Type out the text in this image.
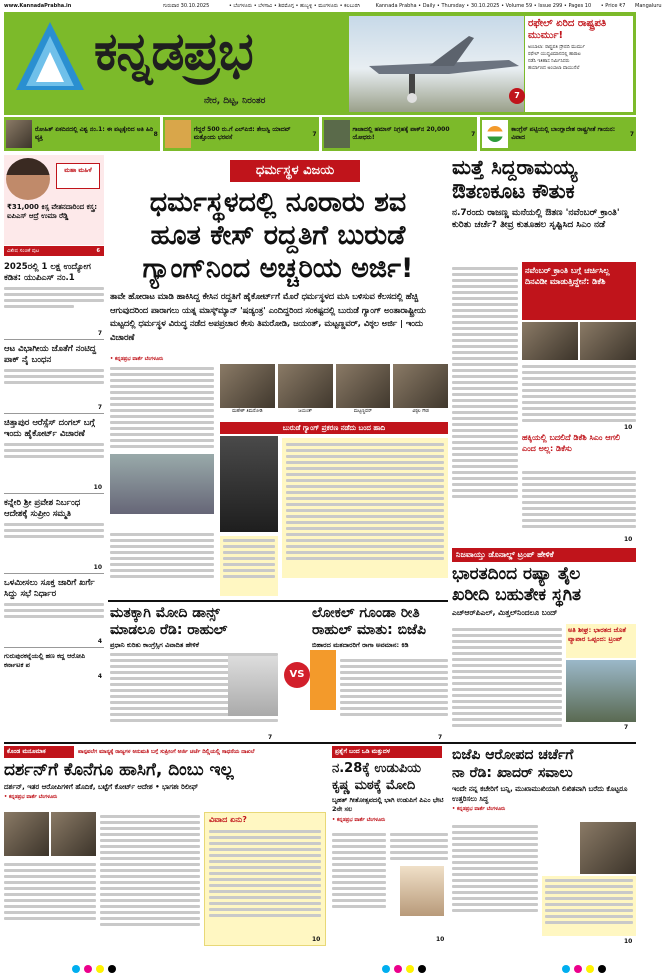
www.KannadaPrabha.in	ಗುರುವಾರ 30.10.2025	• ಬೆಂಗಳೂರು • ಬೆಳಗಾವಿ • ಶಿವಮೊಗ್ಗ • ಹುಬ್ಬಳ್ಳಿ • ಮಂಗಳೂರು • ಕಲಬುರಗಿ	Kannada Prabha • Daily • Thursday • 30.10.2025 • Volume 59 • Issue 299 • Pages 10 • Price ₹7 Mangaluru
ಕನ್ನಡಪ್ರಭ
ನೇರ, ದಿಟ್ಟ, ನಿರಂತರ
ರಫೇಲ್ ಏರಿದ ರಾಷ್ಟ್ರಪತಿ ಮುರ್ಮು!
ಅಂಬಾಲಾ: ರಾಷ್ಟ್ರಪತಿ ದ್ರೌಪದಿ ಮುರ್ಮು
ರಫೇಲ್ ಯುದ್ಧವಿಮಾನದಲ್ಲಿ ಹಾರಾಟ
ನಡೆಸಿ ಇತಿಹಾಸ ನಿರ್ಮಿಸಿದರು
ಹರ್ಯಾಣದ ಅಂಬಾಲಾ ವಾಯುನೆಲೆ
7
ರೋಹಿತ್ ಏಕದಿನದಲ್ಲಿ ವಿಶ್ವ ನಂ.1: ಈ ಪಟ್ಟಕ್ಕೇರಿದ ಅತಿ ಹಿರಿ ವ್ಯಕ್ತಿ	8
ಗೆದ್ದರೆ 500 ರು.ಗೆ ಎಲ್‌ಪಿಜಿ: ತೇಜಸ್ವಿ ಯಾದವ್ ಮತ್ತೊಂದು ಭರವಸೆ	7
ಗಾಜಾದಲ್ಲಿ ಹಮಾಸ್ ನಿಗ್ರಹಕ್ಕೆ ಪಾಕ್‌ನ 20,000 ಯೋಧರು!	7
ಕಾಂಗ್ರೆಸ್ ಪಟ್ಟಿಯಲ್ಲಿ ಬಾಂಗ್ಲಾದೇಶ ರಾಷ್ಟ್ರಗೀತೆ ಗಾಯನ: ವಿವಾದ	7
ಮಹಾ ಮಹಿಳೆ
₹31,000 ಕಿಸ್ಸ ವೇತನದಾರಿಂದ ಕಸ್ತ್ರ: ಐಪಿಎಸ್ ಆದ್ರೆ ಉಮಾ ರೆಡ್ಡಿ
ವಿಶೇಷ ಸಂಚಿಕೆ ಪುಟ	6
2025ರಲ್ಲಿ 1 ಲಕ್ಷ ಉದ್ಯೋಗ ಕಡಿತ: ಯುಪಿಎಸ್‌ ನಂ.1
7
ಆಟ ವಿಭಾಗೀಯ ಜೊತೆಗೆ ನಂಟಿದ್ದ ಪಾಕ್ ನೈ ಬಂಧನ
7
ಚಿತ್ತಾಪುರ ಆರೆಸ್ಸೆಸ್ ದಂಗಲ್ ಬಗ್ಗೆ ಇಂದು ಹೈಕೋರ್ಟ್ ವಿಚಾರಣೆ
10
ಕನ್ನೇರಿ ಶ್ರೀ ಪ್ರವೇಶ ನಿರ್ಬಂಧ ಆದೇಶಕ್ಕೆ ಸುಪ್ರೀಂ ಸಮ್ಮತಿ
10
ಒಳಮೀಸಲು ಸೂಕ್ತ ಜಾರಿಗೆ ಖರ್ಗೆ ಸಿದ್ದು ಸಭೆ ನಿರ್ಧಾರ
4
ಗುರುಪುರಕನ್ನೆಯಲ್ಲಿ ಹಣ ಕದ್ದ ಆರೋಪಿ ಕರ್ನಾಟಕ ಪ
4
ಧರ್ಮಸ್ಥಳ ವಿಜಯ
ಧರ್ಮಸ್ಥಳದಲ್ಲಿ ನೂರಾರು ಶವ
ಹೂತ ಕೇಸ್ ರದ್ದತಿಗೆ ಬುರುಡೆ
ಗ್ಯಾಂಗ್‌ನಿಂದ ಅಚ್ಚರಿಯ ಅರ್ಜಿ!
ತಾವೇ ಹೋರಾಟ ಮಾಡಿ ಹಾಕಿಸಿದ್ದ ಕೇಸಿನ ರದ್ದತಿಗೆ ಹೈಕೋರ್ಟ್‌ಗೆ ಮೊರೆ ಧರ್ಮಸ್ಥಳದ ಮಸಿ ಬಳಿಸುವ ಕೆಲಸದಲ್ಲಿ ಹೆಚ್ಚಿ ಆಗುವುದರಿಂದ ಪಾರಾಗಲು ಯತ್ನ ಮಾಸ್ಕ್‌ಮ್ಯಾನ್ 'ಷಡ್ಯಂತ್ರ' ಎಂದಿದ್ದರಿಂದ ಸಂಕಷ್ಟದಲ್ಲಿ ಬುರುಡೆ ಗ್ಯಾಂಗ್ ಅಂತಾರಾಷ್ಟ್ರೀಯ ಮಟ್ಟದಲ್ಲಿ ಧರ್ಮಸ್ಥಳ ವಿರುದ್ಧ ನಡೆದ ಅಪಪ್ರಚಾರ ಕೇಸು ತಿಮರೋಡಿ, ಜಯಂತ್, ಮಟ್ಟಣ್ಣವರ್, ವಿಠ್ಠಲ ಅರ್ಜಿ | ಇಂದು ವಿಚಾರಣೆ
• ಕನ್ನಡಪ್ರಭ ವಾರ್ತೆ ಬೆಂಗಳೂರು
ಮಹೇಶ್ ತಿಮರೋಡಿ	ಜಯಂತ್	ಮಟ್ಟಣ್ಣವರ್	ವಿಠ್ಠಲ ಗೌಡ
ಬುರುಡೆ ಗ್ಯಾಂಗ್ ಪ್ರಕರಣ ನಡೆದು ಬಂದ ಹಾದಿ
ಮತಕ್ಕಾಗಿ ಮೋದಿ ಡಾನ್ಸ್
ಮಾಡಲೂ ರೆಡಿ: ರಾಹುಲ್
ಪ್ರಧಾನಿ ಕುರಿತು ಕಾಂಗ್ರೆಸ್ಸಿಗ ವಿವಾದಿತ ಹೇಳಿಕೆ
VS
7
ಲೋಕಲ್ ಗೂಂಡಾ ರೀತಿ
ರಾಹುಲ್ ಮಾತು: ಬಿಜೆಪಿ
ಬಿಹಾರದ ಮತದಾರರಿಗೆ ರಾಗಾ ಅವಮಾನ: ಕಿಡಿ
7
ಮತ್ತೆ ಸಿದ್ದರಾಮಯ್ಯ
ಔತಣಕೂಟ ಕೌತುಕ
ನ.7ರಂದು ರಾಜಣ್ಣ ಮನೆಯಲ್ಲಿ ಔತಣ 'ನವೆಂಬರ್ ಕ್ರಾಂತಿ' ಕುರಿತು ಚರ್ಚೆ? ತೀವ್ರ ಕುತೂಹಲ ಸೃಷ್ಟಿಸಿದ ಸಿಎಂ ನಡೆ
ನವೆಂಬರ್ ಕ್ರಾಂತಿ ಬಗ್ಗೆ ಚರ್ಚಿಸಿಲ್ಲ ದಿನವಿಡೀ ಮಾಡುತ್ತಿದ್ದೇನೆ: ಡಿಕೆಶಿ
10
ಹಕ್ಕಿಯಲ್ಲಿ ಬದಲಿದೆ ಡಿಕೆಶಿ ಸಿಎಂ ಆಗಲಿ ಎಂದ ಅಲ್ಲ: ಡಿಕೆಸು
10
ನಿಜವಾಯ್ತು ಡೊನಾಲ್ಡ್ ಟ್ರಂಪ್ ಹೇಳಿಕೆ
ಭಾರತದಿಂದ ರಷ್ಯಾ ತೈಲ
ಖರೀದಿ ಬಹುತೇಕ ಸ್ಥಗಿತ
ಎಚ್‌ಆರ್‌ಪಿಎಲ್, ಮಿತ್ತಲ್‌ನಿಂದಲೂ ಬಂದ್
ಅತಿ ಶೀಘ್ರ: ಭಾರತದ ಜೊತೆ ವ್ಯಾಪಾರ ಒಪ್ಪಂದ: ಟ್ರಂಪ್
7
ಕೊಂಡ ಮನೂಮಾಕ	ಪಾನ್ಪವಲೆಗ ಮಾನ್ಯಕ್ಕೆ ರಾಜ್ಯಗಳ ಅನುಮತಿ ಬಗ್ಗೆ ಸುಪ್ರೀಂಗೆ ಅರ್ಜಿ ಚರ್ಚೆ ದಿಲ್ಲಿಯಲ್ಲಿ ಸಾಧನೆಯ ದಾಖಲೆ
ದರ್ಶನ್‌ಗೆ ಕೊನೆಗೂ ಹಾಸಿಗೆ, ದಿಂಬು ಇಲ್ಲ
ದರ್ಶನ್, ಇತರ ಆರೋಪಿಗಳಿಗೆ ಹೊದಿಕೆ, ಬಟ್ಟೆಗೆ ಕೋರ್ಟ್ ಆದೇಶ • ಭಾಗಶಃ ರಿಲೀಫ್
• ಕನ್ನಡಪ್ರಭ ವಾರ್ತೆ ಬೆಂಗಳೂರು
ವಿವಾದ ಏನು?
10
ಪ್ರಶ್ನೆಗೆ ಬಂದ ಒಡಿ ಮತ್ತುದಳ
ನ.28ಕ್ಕೆ ಉಡುಪಿಯ
ಕೃಷ್ಣ ಮಠಕ್ಕೆ ಮೋದಿ
ಬೃಹತ್ ಗೀತೋತ್ಸವದಲ್ಲಿ ಭಾಗಿ ಉಡುಪಿಗೆ ಪಿಎಂ ಭೇಟಿ 2ನೇ ಸಲ
• ಕನ್ನಡಪ್ರಭ ವಾರ್ತೆ ಬೆಂಗಳೂರು
10
ಬಿಜೆಪಿ ಆರೋಪದ ಚರ್ಚೆಗೆ
ನಾ ರೆಡಿ: ಖಾದರ್ ಸವಾಲು
ಇಂದೇ ನನ್ನ ಕಚೇರಿಗೆ ಬನ್ನಿ, ಮುಖಾಮುಖಿಯಾಗಿ ಲಿಖಿತವಾಗಿ ಬರೆದು ಕೊಟ್ಟರೂ ಉತ್ತರಿಸಲು ಸಿದ್ಧ
• ಕನ್ನಡಪ್ರಭ ವಾರ್ತೆ ಬೆಂಗಳೂರು
10
